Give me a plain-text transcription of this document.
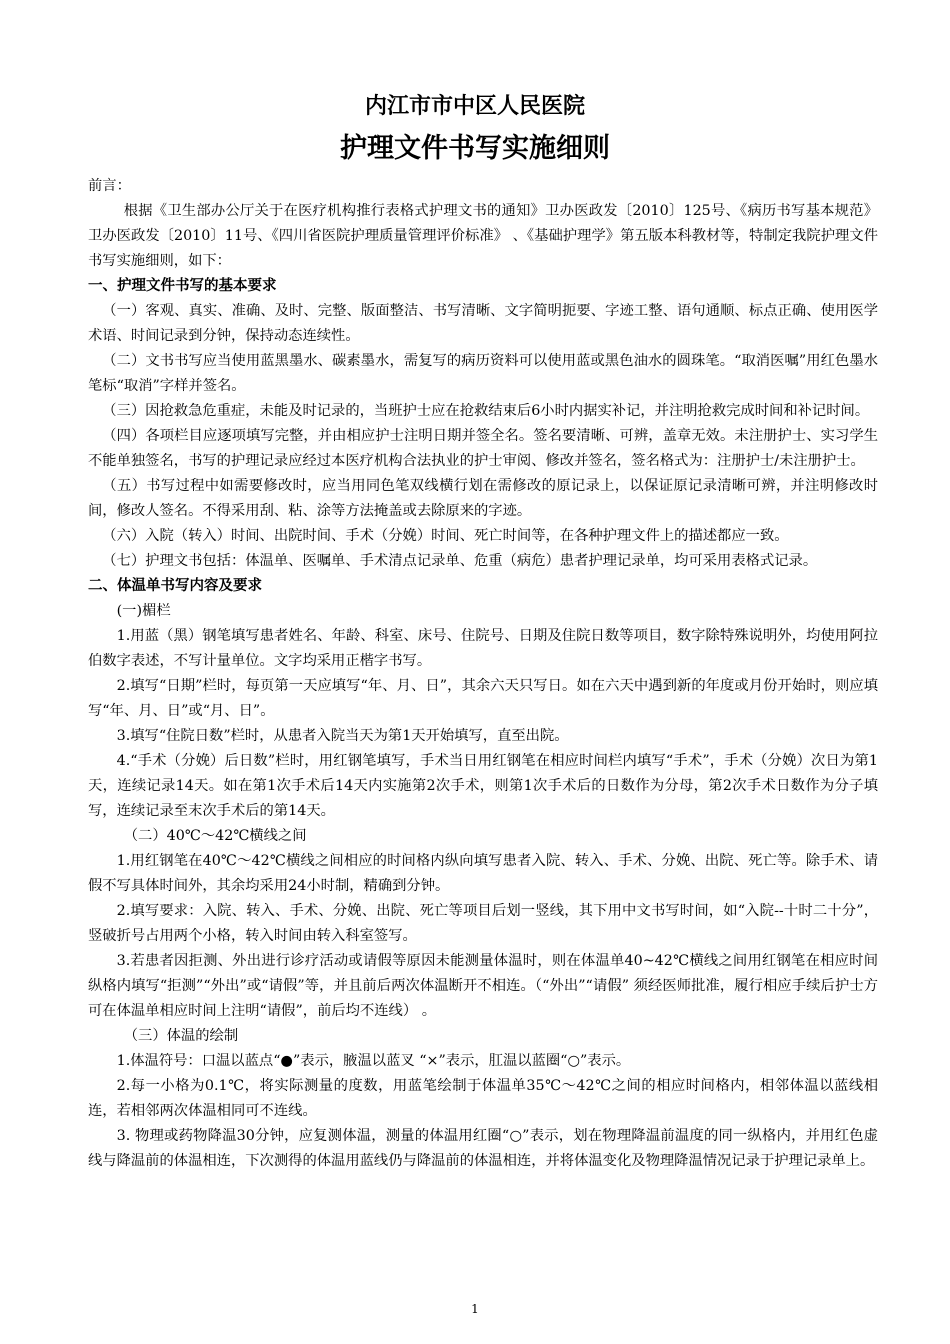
内江市市中区人民医院
护理文件书写实施细则

前言：

根据《卫生部办公厅关于在医疗机构推行表格式护理文书的通知》卫办医政发〔2010〕125号、《病历书写基本规范》卫办医政发〔2010〕11号、《四川省医院护理质量管理评价标准》 、《基础护理学》第五版本科教材等，特制定我院护理文件书写实施细则，如下：

一、护理文件书写的基本要求

（一）客观、真实、准确、及时、完整、版面整洁、书写清晰、文字简明扼要、字迹工整、语句通顺、标点正确、使用医学术语、时间记录到分钟，保持动态连续性。

（二）文书书写应当使用蓝黑墨水、碳素墨水，需复写的病历资料可以使用蓝或黑色油水的圆珠笔。“取消医嘱”用红色墨水笔标“取消”字样并签名。

（三）因抢救急危重症，未能及时记录的，当班护士应在抢救结束后6小时内据实补记，并注明抢救完成时间和补记时间。

（四）各项栏目应逐项填写完整，并由相应护士注明日期并签全名。签名要清晰、可辨，盖章无效。未注册护士、实习学生不能单独签名，书写的护理记录应经过本医疗机构合法执业的护士审阅、修改并签名，签名格式为：注册护士/未注册护士。

（五）书写过程中如需要修改时，应当用同色笔双线横行划在需修改的原记录上，以保证原记录清晰可辨，并注明修改时间，修改人签名。不得采用刮、粘、涂等方法掩盖或去除原来的字迹。

（六）入院（转入）时间、出院时间、手术（分娩）时间、死亡时间等，在各种护理文件上的描述都应一致。

（七）护理文书包括：体温单、医嘱单、手术清点记录单、危重（病危）患者护理记录单，均可采用表格式记录。

二、体温单书写内容及要求

(一)楣栏

1.用蓝（黑）钢笔填写患者姓名、年龄、科室、床号、住院号、日期及住院日数等项目，数字除特殊说明外，均使用阿拉伯数字表述，不写计量单位。文字均采用正楷字书写。

2.填写“日期”栏时，每页第一天应填写“年、月、日”，其余六天只写日。如在六天中遇到新的年度或月份开始时，则应填写“年、月、日”或“月、日”。

3.填写“住院日数”栏时，从患者入院当天为第1天开始填写，直至出院。

4.“手术（分娩）后日数”栏时，用红钢笔填写，手术当日用红钢笔在相应时间栏内填写“手术”，手术（分娩）次日为第1天，连续记录14天。如在第1次手术后14天内实施第2次手术，则第1次手术后的日数作为分母，第2次手术日数作为分子填写，连续记录至末次手术后的第14天。

（二）40℃～42℃横线之间

1.用红钢笔在40℃～42℃横线之间相应的时间格内纵向填写患者入院、转入、手术、分娩、出院、死亡等。除手术、请假不写具体时间外，其余均采用24小时制，精确到分钟。

2.填写要求：入院、转入、手术、分娩、出院、死亡等项目后划一竖线，其下用中文书写时间，如“入院--十时二十分”，竖破折号占用两个小格，转入时间由转入科室签写。

3.若患者因拒测、外出进行诊疗活动或请假等原因未能测量体温时，则在体温单40~42℃横线之间用红钢笔在相应时间纵格内填写“拒测”“外出”或“请假”等，并且前后两次体温断开不相连。（“外出”“请假” 须经医师批准，履行相应手续后护士方可在体温单相应时间上注明“请假”，前后均不连线） 。

（三）体温的绘制

1.体温符号：口温以蓝点“●”表示，腋温以蓝叉 “×”表示，肛温以蓝圈“○”表示。

2.每一小格为0.1℃，将实际测量的度数，用蓝笔绘制于体温单35℃～42℃之间的相应时间格内，相邻体温以蓝线相连，若相邻两次体温相同可不连线。

3. 物理或药物降温30分钟，应复测体温，测量的体温用红圈“○”表示，划在物理降温前温度的同一纵格内，并用红色虚线与降温前的体温相连，下次测得的体温用蓝线仍与降温前的体温相连，并将体温变化及物理降温情况记录于护理记录单上。

1
